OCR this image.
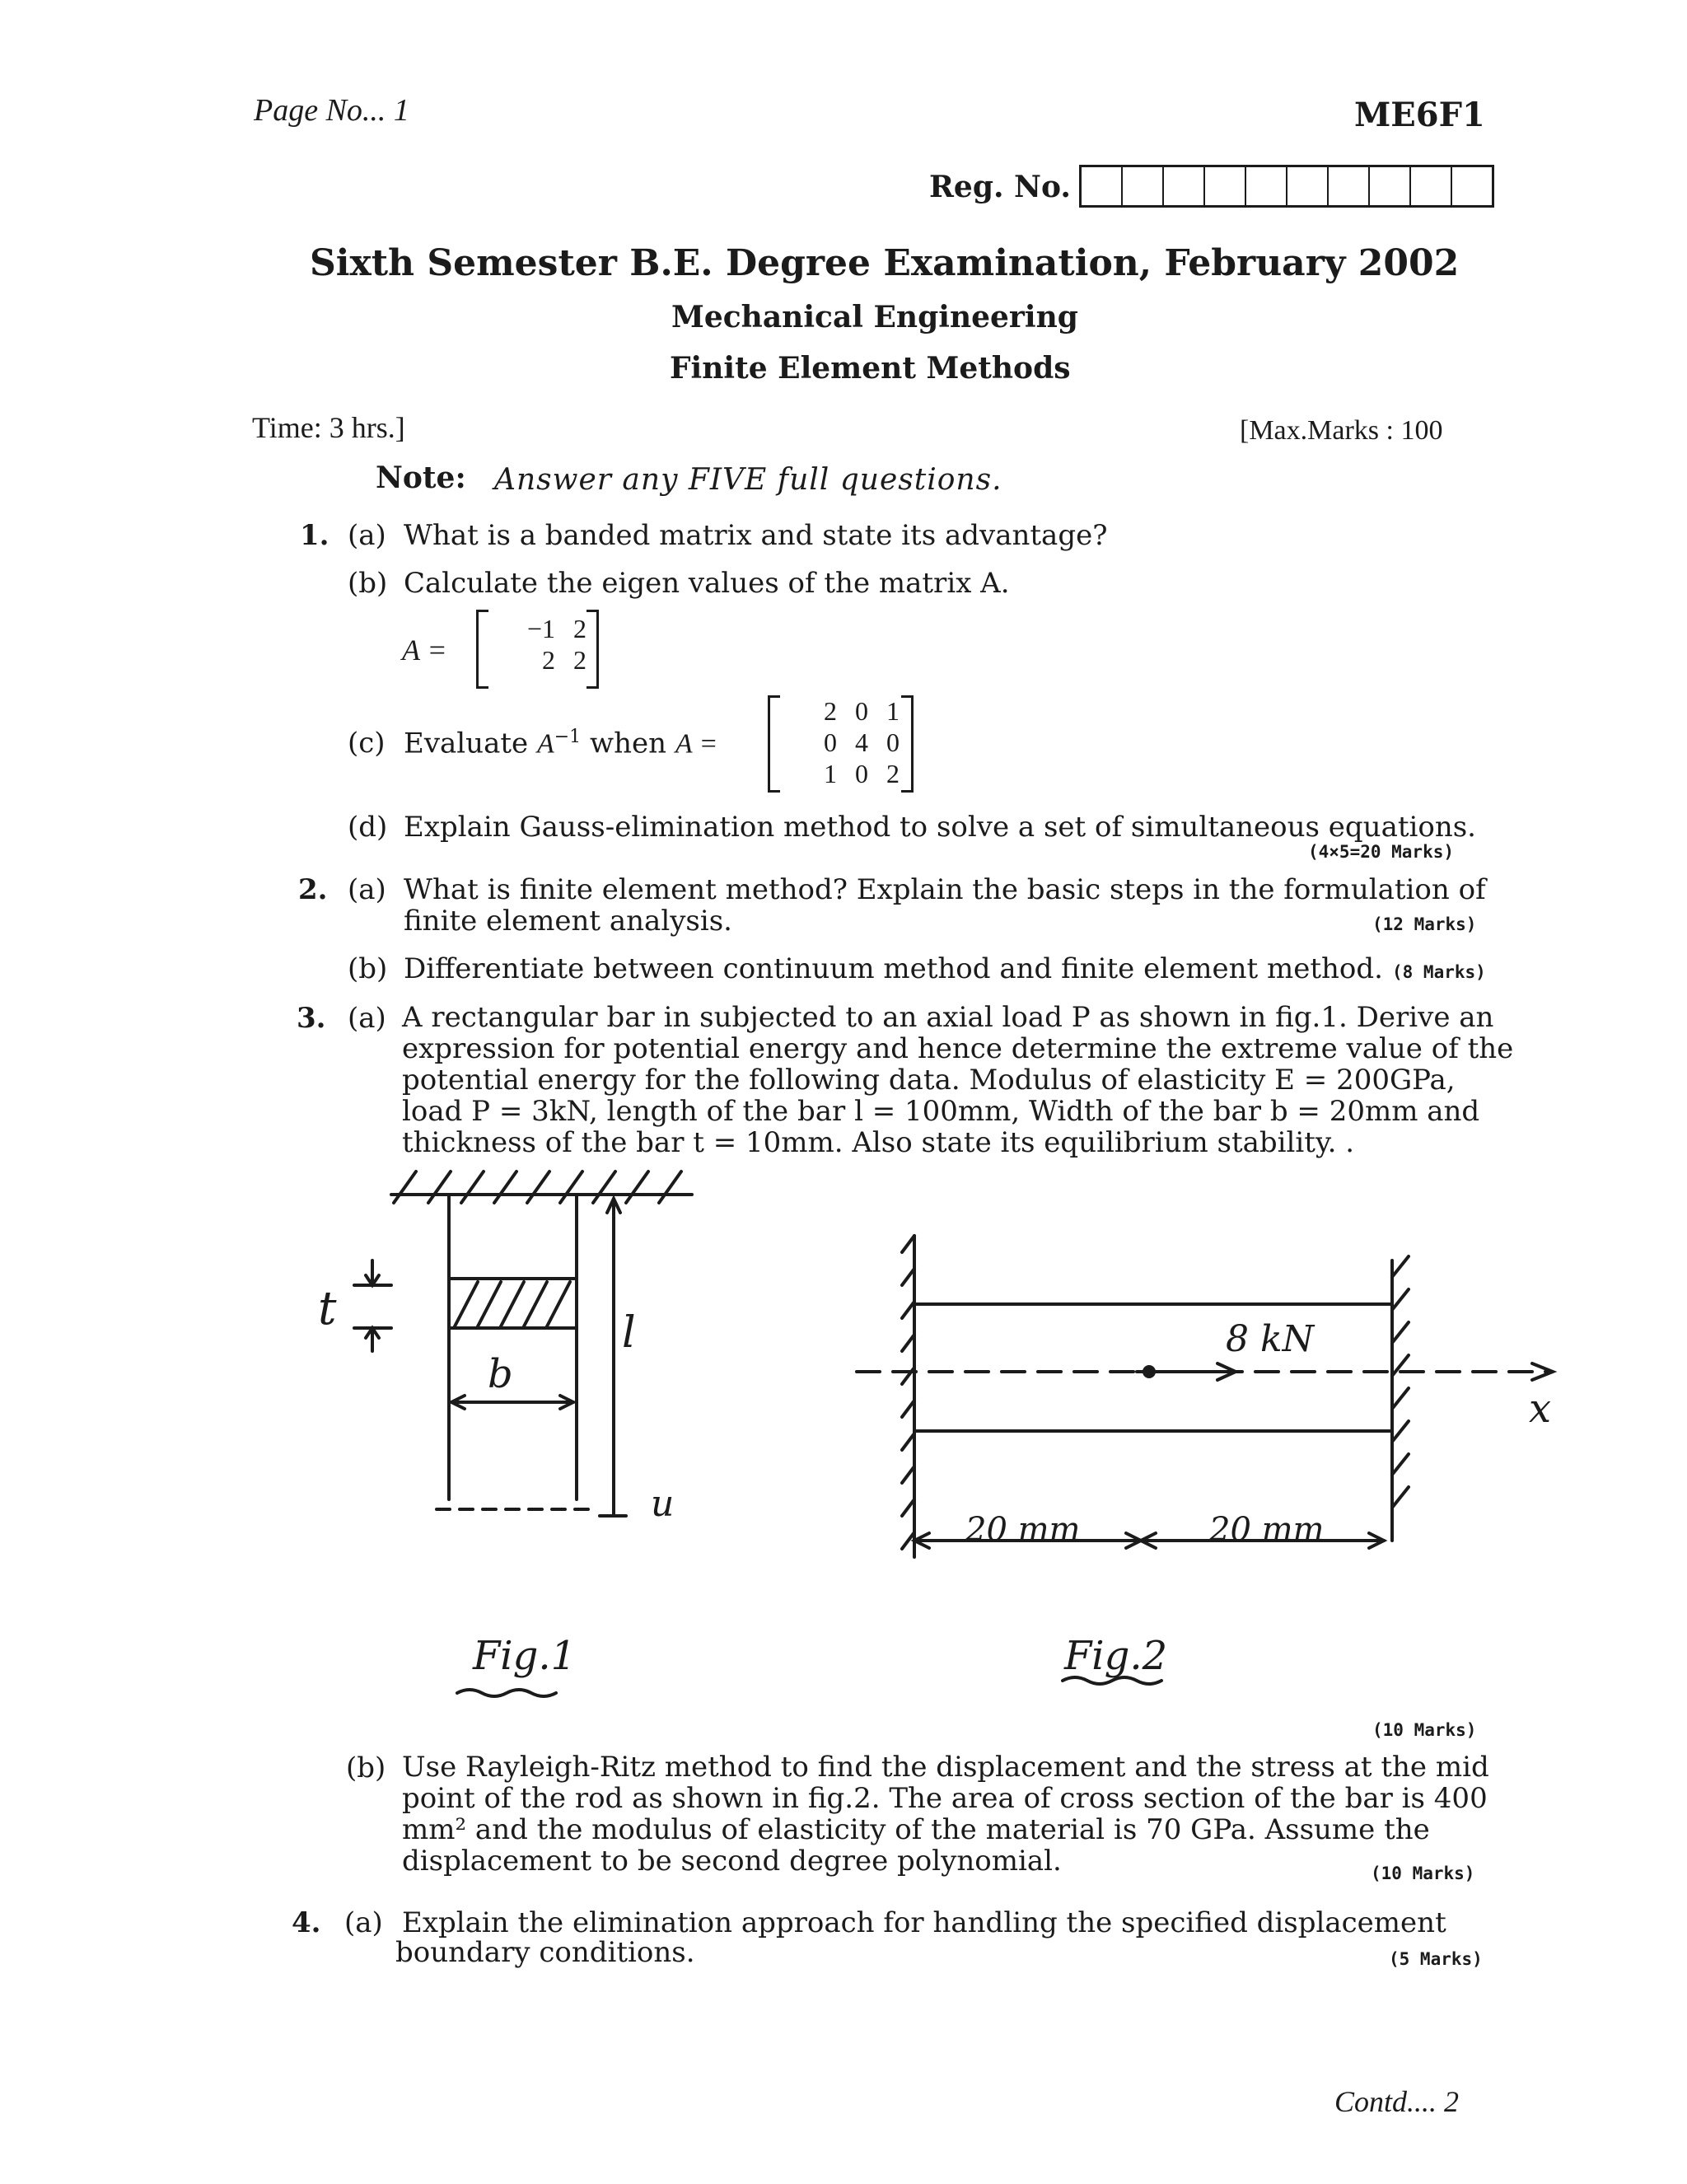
Page No... 1	ME6F1
Reg. No.
Sixth Semester B.E. Degree Examination, February 2002
Mechanical Engineering
Finite Element Methods
Time: 3 hrs.]	[Max.Marks : 100
Note: Answer any FIVE full questions.
1. (a) What is a banded matrix and state its advantage?
(b) Calculate the eigen values of the matrix A.
A =
−1 2
2 2
(c) Evaluate $A^{-1}$ when A =
2 0 1
0 4 0
1 0 2
(d) Explain Gauss-elimination method to solve a set of simultaneous equations.
(4×5=20 Marks)
2. (a) What is finite element method? Explain the basic steps in the formulation of
finite element analysis.	(12 Marks)
(b) Differentiate between continuum method and finite element method. (8 Marks)
3. (a) A rectangular bar in subjected to an axial load P as shown in fig.1. Derive an
expression for potential energy and hence determine the extreme value of the
potential energy for the following data. Modulus of elasticity E = 200GPa,
load P = 3kN, length of the bar l = 100mm, Width of the bar b = 20mm and
thickness of the bar t = 10mm. Also state its equilibrium stability. .
t
b
l
u
Fig.1
8 kN
20 mm	20 mm
x
Fig.2
(10 Marks)
(b) Use Rayleigh-Ritz method to find the displacement and the stress at the mid
point of the rod as shown in fig.2. The area of cross section of the bar is 400
mm² and the modulus of elasticity of the material is 70 GPa. Assume the
displacement to be second degree polynomial.	(10 Marks)
4. (a) Explain the elimination approach for handling the specified displacement
boundary conditions.	(5 Marks)
Contd.... 2
